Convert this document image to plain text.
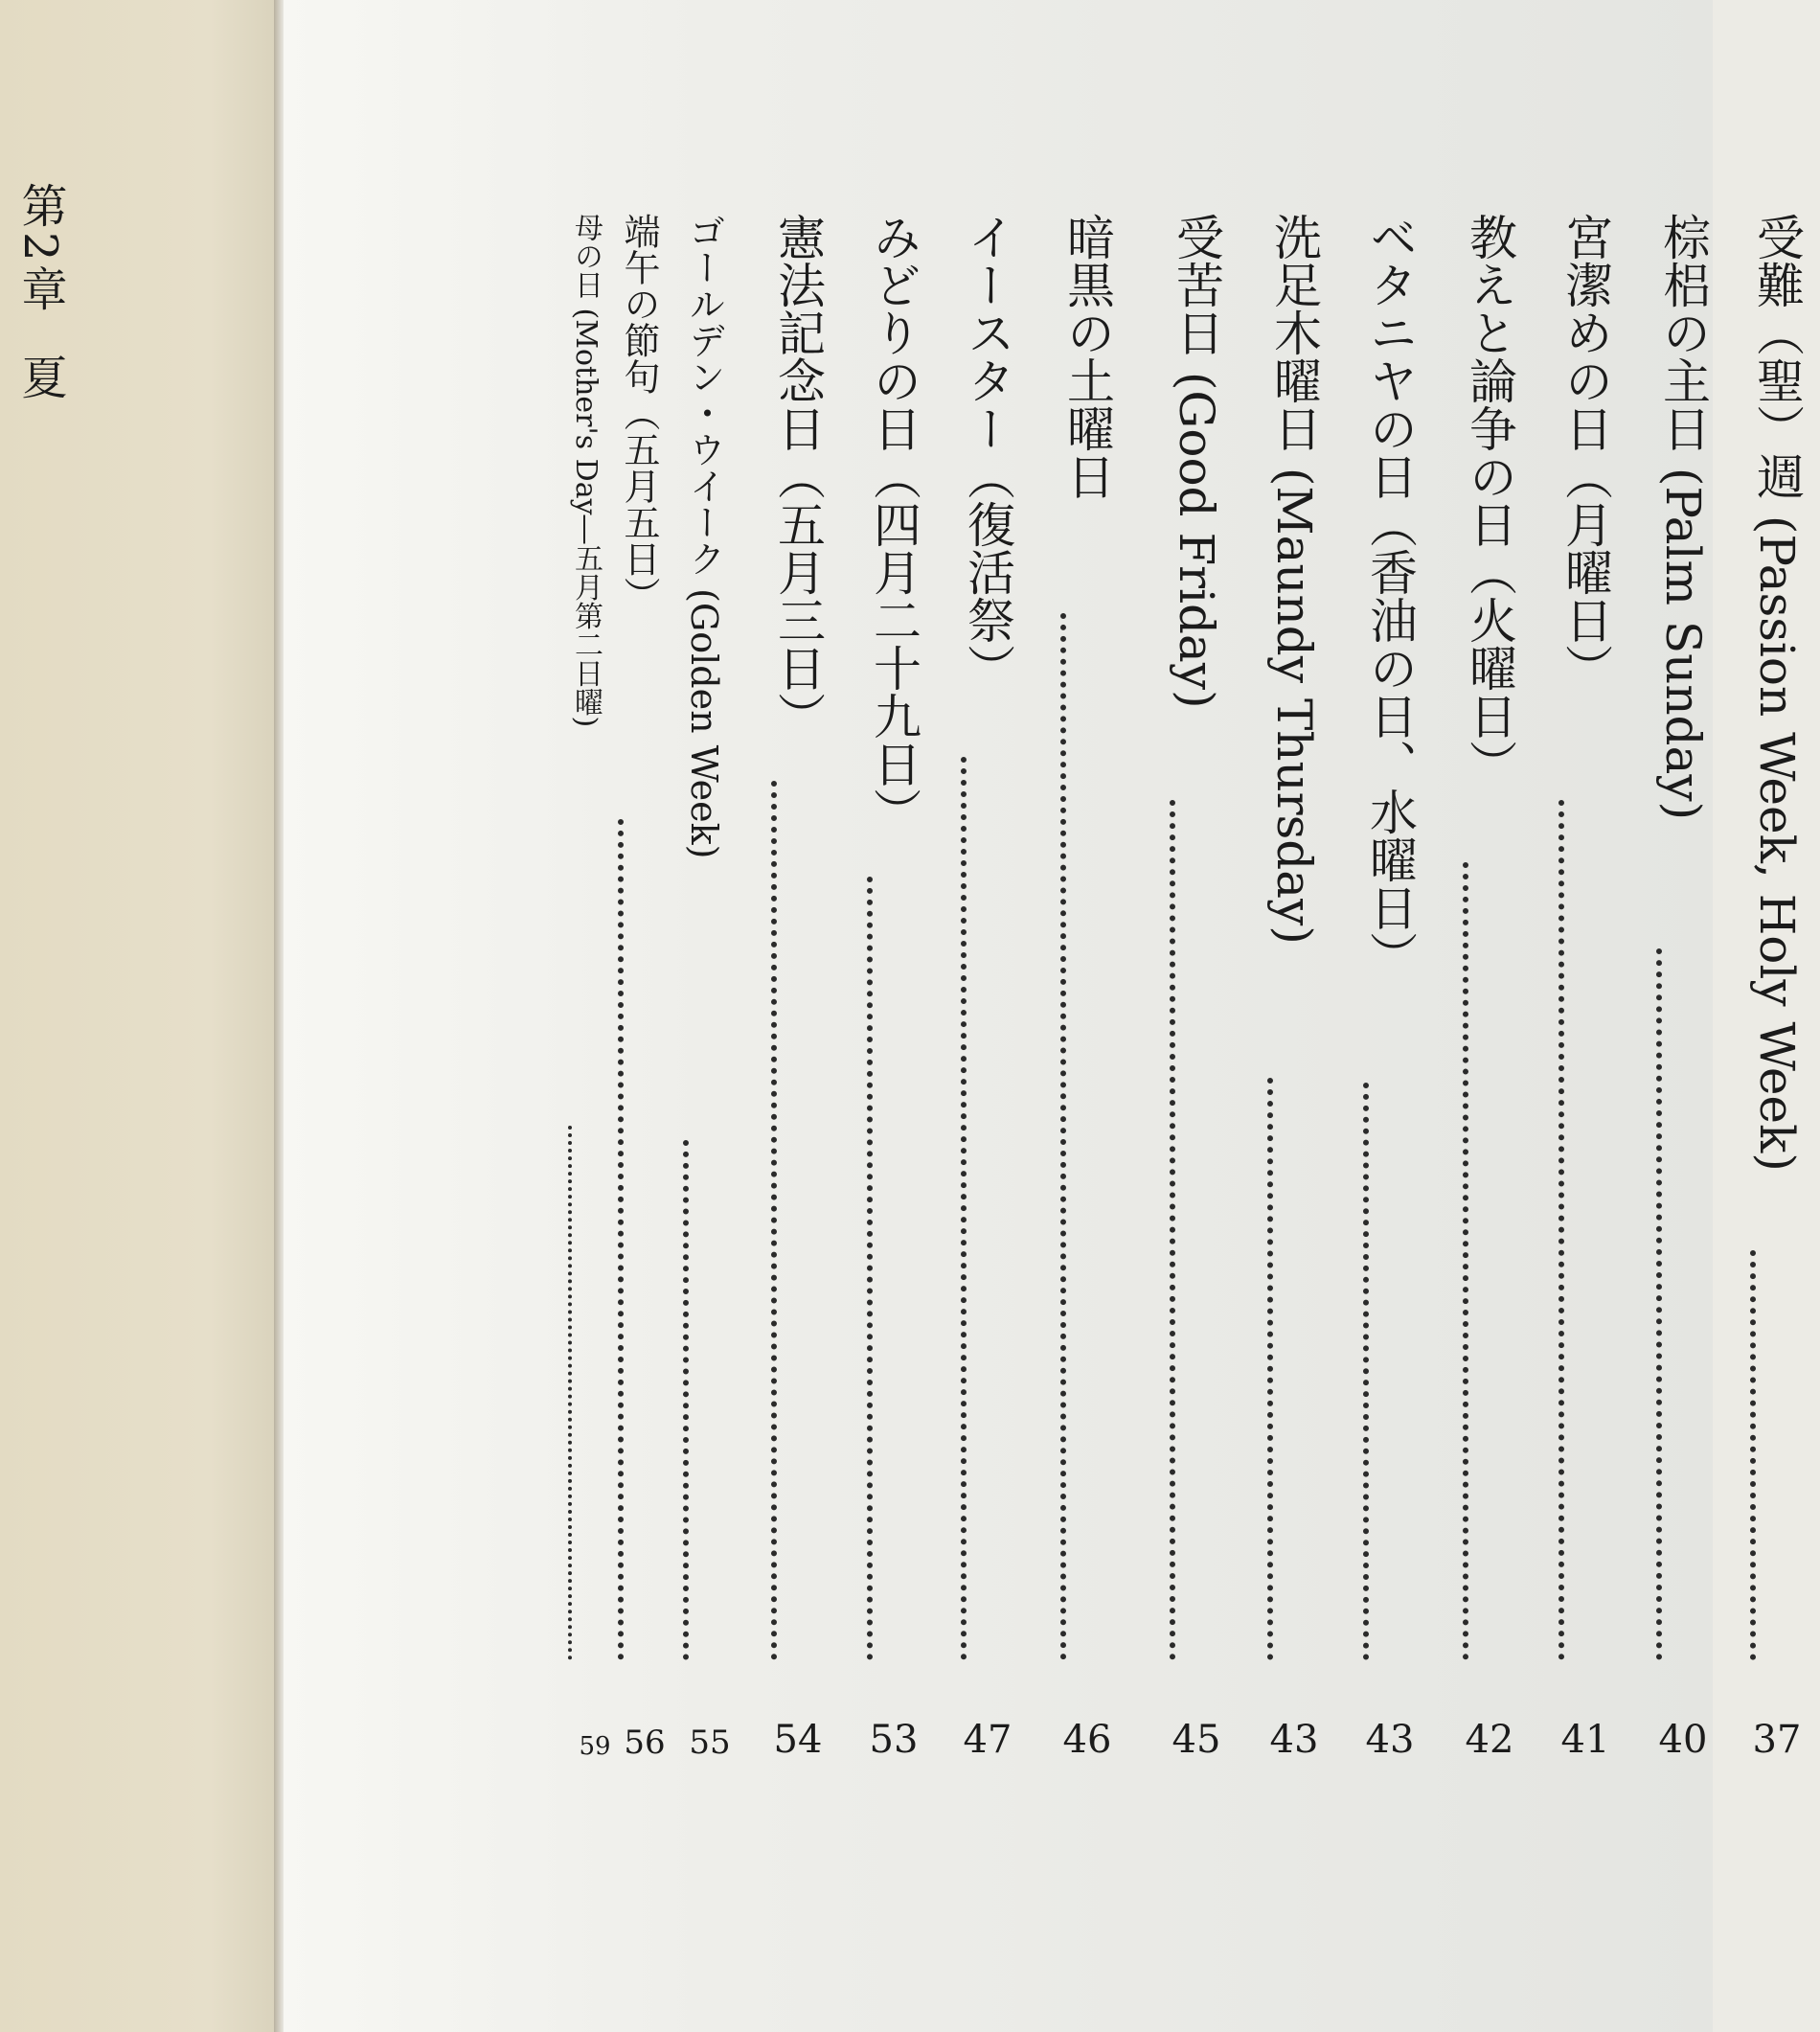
第2章夏	受難（聖）週 (Passion Week, Holy Week)
37
棕梠の主日 (Palm Sunday)
40
宮潔めの日（月曜日）
41
教えと論争の日（火曜日）
42
ベタニヤの日（香油の日、水曜日）
43
洗足木曜日 (Maundy Thursday)
43
受苦日 (Good Friday)
45
暗黒の土曜日
46
イースター（復活祭）
47
みどりの日（四月二十九日）
53
憲法記念日（五月三日）
54
ゴールデン・ウイーク (Golden Week)
55
端午の節句（五月五日）
56
母の日 (Mother's Day―五月第二日曜)
59
